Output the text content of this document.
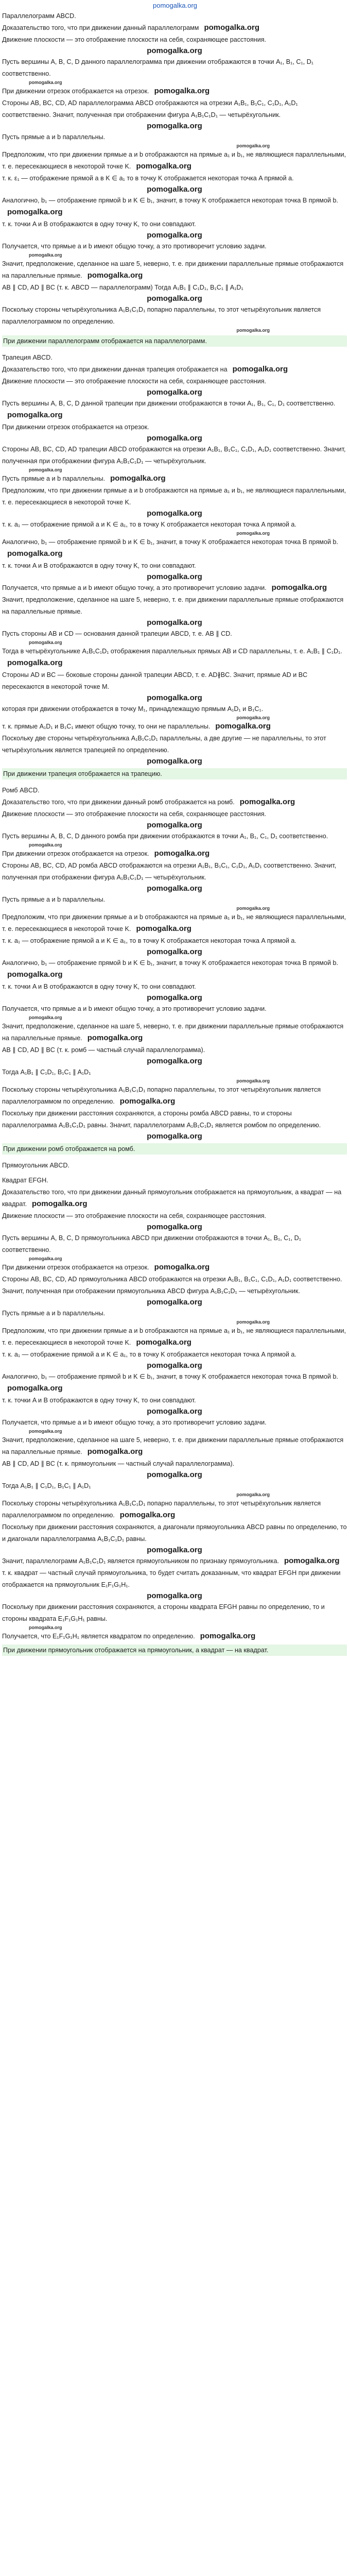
pomogalka.org

Параллелограмм ABCD.

Доказательство того, что при движении данный параллелограмм pomogalka.org

Движение плоскости — это отображение плоскости на себя, сохраняющее расстояния.

pomogalka.org

Пусть вершины A, B, C, D данного параллелограмма при движении отображаются в точки A₁, B₁, C₁, D₁ соответственно.

pomogalka.org

При движении отрезок отображается на отрезок. pomogalka.org

Стороны AB, BC, CD, AD параллелограмма ABCD отображаются на отрезки A₁B₁, B₁C₁, C₁D₁, A₁D₁ соответственно. Значит, полученная при отображении фигура A₁B₁C₁D₁ — четырёхугольник.

pomogalka.org

Пусть прямые a и b параллельны.

pomogalka.org

Предположим, что при движении прямые a и b отображаются на прямые a₁ и b₁, не являющиеся параллельными, т. е. пересекающиеся в некоторой точке K. pomogalka.org

т. к. ε₁ — отображение прямой a в K ∈ a₁ то в точку K отображается некоторая точка A прямой a.

pomogalka.org

Аналогично, b₁ — отображение прямой b и K ∈ b₁, значит, в точку K отображается некоторая точка B прямой b.pomogalka.org

т. к. точки A и B отображаются в одну точку K, то они совпадают.

pomogalka.org

Получается, что прямые a и b имеют общую точку, а это противоречит условию задачи.

pomogalka.org

Значит, предположение, сделанное на шаге 5, неверно, т. е. при движении параллельные прямые отображаются на параллельные прямые. pomogalka.org

AB ∥ CD, AD ∥ BC (т. к. ABCD — параллелограмм) Тогда A₁B₁ ∥ C₁D₁, B₁C₁ ∥ A₁D₁

pomogalka.org

Поскольку стороны четырёхугольника A₁B₁C₁D₁ попарно параллельны, то этот четырёхугольник является параллелограммом по определению.

pomogalka.org
При движении параллелограмм отображается на параллелограмм.

Трапеция ABCD.

Доказательство того, что при движении данная трапеция отображается на pomogalka.org

Движение плоскости — это отображение плоскости на себя, сохраняющее расстояния.

pomogalka.org

Пусть вершины A, B, C, D данной трапеции при движении отображаются в точки A₁, B₁, C₁, D₁ соответственно.pomogalka.org

При движении отрезок отображается на отрезок.

pomogalka.org

Стороны AB, BC, CD, AD трапеции ABCD отображаются на отрезки A₁B₁, B₁C₁, C₁D₁, A₁D₁ соответственно. Значит, полученная при отображении фигура A₁B₁C₁D₁ — четырёхугольник.

pomogalka.org

Пусть прямые a и b параллельны. pomogalka.org

Предположим, что при движении прямые a и b отображаются на прямые a₁ и b₁, не являющиеся параллельными, т. е. пересекающиеся в некоторой точке K.

pomogalka.org

т. к. a₁ — отображение прямой a и K ∈ a₁, то в точку K отображается некоторая точка A прямой a.

pomogalka.org

Аналогично, b₁ — отображение прямой b и K ∈ b₁, значит, в точку K отображается некоторая точка B прямой b.pomogalka.org

т. к. точки A и B отображаются в одну точку K, то они совпадают.

pomogalka.org

Получается, что прямые a и b имеют общую точку, а это противоречит условию задачи. pomogalka.org

Значит, предположение, сделанное на шаге 5, неверно, т. е. при движении параллельные прямые отображаются на параллельные прямые.

pomogalka.org

Пусть стороны AB и CD — основания данной трапеции ABCD, т. е. AB ∥ CD.

pomogalka.org

Тогда в четырёхугольнике A₁B₁C₁D₁ отображения параллельных прямых AB и CD параллельны, т. е. A₁B₁ ∥ C₁D₁.pomogalka.org

Стороны AD и BC — боковые стороны данной трапеции ABCD, т. е. AD∦BC. Значит, прямые AD и BC пересекаются в некоторой точке M.

pomogalka.org

которая при движении отображается в точку M₁, принадлежащую прямым A₁D₁ и B₁C₁.

pomogalka.org

т. к. прямые A₁D₁ и B₁C₁ имеют общую точку, то они не параллельны. pomogalka.org

Поскольку две стороны четырёхугольника A₁B₁C₁D₁ параллельны, а две другие — не параллельны, то этот четырёхугольник является трапецией по определению.

pomogalka.org
При движении трапеция отображается на трапецию.

Ромб ABCD.

Доказательство того, что при движении данный ромб отображается на ромб. pomogalka.org

Движение плоскости — это отображение плоскости на себя, сохраняющее расстояния.

pomogalka.org

Пусть вершины A, B, C, D данного ромба при движении отображаются в точки A₁, B₁, C₁, D₁ соответственно.

pomogalka.org

При движении отрезок отображается на отрезок. pomogalka.org

Стороны AB, BC, CD, AD ромба ABCD отображаются на отрезки A₁B₁, B₁C₁, C₁D₁, A₁D₁ соответственно. Значит, полученная при отображении фигура A₁B₁C₁D₁ — четырёхугольник.

pomogalka.org

Пусть прямые a и b параллельны.

pomogalka.org

Предположим, что при движении прямые a и b отображаются на прямые a₁ и b₁, не являющиеся параллельными, т. е. пересекающиеся в некоторой точке K. pomogalka.org

т. к. a₁ — отображение прямой a и K ∈ a₁, то в точку K отображается некоторая точка A прямой a.

pomogalka.org

Аналогично, b₁ — отображение прямой b и K ∈ b₁, значит, в точку K отображается некоторая точка B прямой b.pomogalka.org

т. к. точки A и B отображаются в одну точку K, то они совпадают.

pomogalka.org

Получается, что прямые a и b имеют общую точку, а это противоречит условию задачи.

pomogalka.org

Значит, предположение, сделанное на шаге 5, неверно, т. е. при движении параллельные прямые отображаются на параллельные прямые. pomogalka.org

AB ∥ CD, AD ∥ BC (т. к. ромб — частный случай параллелограмма).

pomogalka.org

Тогда A₁B₁ ∥ C₁D₁, B₁C₁ ∥ A₁D₁

pomogalka.org

Поскольку стороны четырёхугольника A₁B₁C₁D₁ попарно параллельны, то этот четырёхугольник является параллелограммом по определению. pomogalka.org

Поскольку при движении расстояния сохраняются, а стороны ромба ABCD равны, то и стороны параллелограмма A₁B₁C₁D₁ равны. Значит, параллелограмм A₁B₁C₁D₁ является ромбом по определению.

pomogalka.org
При движении ромб отображается на ромб.

Прямоугольник ABCD.

Квадрат EFGH.

Доказательство того, что при движении данный прямоугольник отображается на прямоугольник, а квадрат — на квадрат. pomogalka.org

Движение плоскости — это отображение плоскости на себя, сохраняющее расстояния.

pomogalka.org

Пусть вершины A, B, C, D прямоугольника ABCD при движении отображаются в точки A₁, B₁, C₁, D₁ соответственно.

pomogalka.org

При движении отрезок отображается на отрезок. pomogalka.org

Стороны AB, BC, CD, AD прямоугольника ABCD отображаются на отрезки A₁B₁, B₁C₁, C₁D₁, A₁D₁ соответственно. Значит, полученная при отображении прямоугольника ABCD фигура A₁B₁C₁D₁ — четырёхугольник.

pomogalka.org

Пусть прямые a и b параллельны.

pomogalka.org

Предположим, что при движении прямые a и b отображаются на прямые a₁ и b₁, не являющиеся параллельными, т. е. пересекающиеся в некоторой точке K. pomogalka.org

т. к. a₁ — отображение прямой a и K ∈ a₁, то в точку K отображается некоторая точка A прямой a.

pomogalka.org

Аналогично, b₁ — отображение прямой b и K ∈ b₁, значит, в точку K отображается некоторая точка B прямой b.pomogalka.org

т. к. точки A и B отображаются в одну точку K, то они совпадают.

pomogalka.org

Получается, что прямые a и b имеют общую точку, а это противоречит условию задачи.

pomogalka.org

Значит, предположение, сделанное на шаге 5, неверно, т. е. при движении параллельные прямые отображаются на параллельные прямые. pomogalka.org

AB ∥ CD, AD ∥ BC (т. к. прямоугольник — частный случай параллелограмма).

pomogalka.org

Тогда A₁B₁ ∥ C₁D₁, B₁C₁ ∥ A₁D₁

pomogalka.org

Поскольку стороны четырёхугольника A₁B₁C₁D₁ попарно параллельны, то этот четырёхугольник является параллелограммом по определению. pomogalka.org

Поскольку при движении расстояния сохраняются, а диагонали прямоугольника ABCD равны по определению, то и диагонали параллелограмма A₁B₁C₁D₁ равны.

pomogalka.org

Значит, параллелограмм A₁B₁C₁D₁ является прямоугольником по признаку прямоугольника. pomogalka.org

т. к. квадрат — частный случай прямоугольника, то будет считать доказанным, что квадрат EFGH при движении отображается на прямоугольник E₁F₁G₁H₁.

pomogalka.org

Поскольку при движении расстояния сохраняются, а стороны квадрата EFGH равны по определению, то и стороны квадрата E₁F₁G₁H₁ равны.

pomogalka.org

Получается, что E₁F₁G₁H₁ является квадратом по определению. pomogalka.org

При движении прямоугольник отображается на прямоугольник, а квадрат — на квадрат.
